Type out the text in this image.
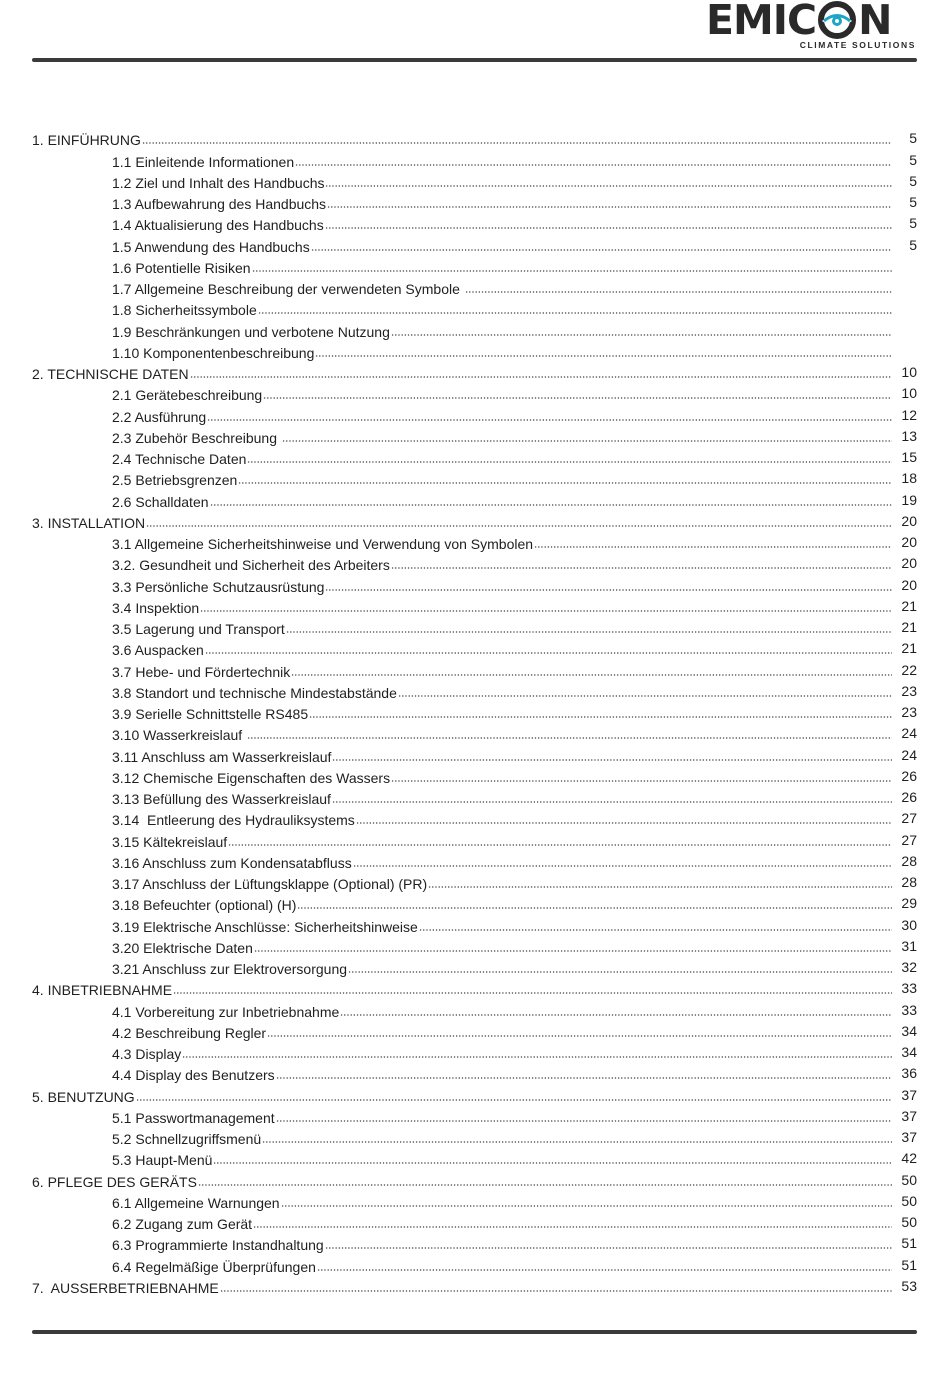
EMIC N
CLIMATE SOLUTIONS
1. EINFÜHRUNG	5
1.1 Einleitende Informationen	5
1.2 Ziel und Inhalt des Handbuchs	5
1.3 Aufbewahrung des Handbuchs	5
1.4 Aktualisierung des Handbuchs	5
1.5 Anwendung des Handbuchs	5
1.6 Potentielle Risiken
1.7 Allgemeine Beschreibung der verwendeten Symbole
1.8 Sicherheitssymbole
1.9 Beschränkungen und verbotene Nutzung
1.10 Komponentenbeschreibung
2. TECHNISCHE DATEN	10
2.1 Gerätebeschreibung	10
2.2 Ausführung	12
2.3 Zubehör Beschreibung	13
2.4 Technische Daten	15
2.5 Betriebsgrenzen	18
2.6 Schalldaten	19
3. INSTALLATION	20
3.1 Allgemeine Sicherheitshinweise und Verwendung von Symbolen	20
3.2. Gesundheit und Sicherheit des Arbeiters	20
3.3 Persönliche Schutzausrüstung	20
3.4 Inspektion	21
3.5 Lagerung und Transport	21
3.6 Auspacken	21
3.7 Hebe- und Fördertechnik	22
3.8 Standort und technische Mindestabstände	23
3.9 Serielle Schnittstelle RS485	23
3.10 Wasserkreislauf	24
3.11 Anschluss am Wasserkreislauf	24
3.12 Chemische Eigenschaften des Wassers	26
3.13 Befüllung des Wasserkreislauf	26
3.14  Entleerung des Hydrauliksystems	27
3.15 Kältekreislauf	27
3.16 Anschluss zum Kondensatabfluss	28
3.17 Anschluss der Lüftungsklappe (Optional) (PR)	28
3.18 Befeuchter (optional) (H)	29
3.19 Elektrische Anschlüsse: Sicherheitshinweise	30
3.20 Elektrische Daten	31
3.21 Anschluss zur Elektroversorgung	32
4. INBETRIEBNAHME	33
4.1 Vorbereitung zur Inbetriebnahme	33
4.2 Beschreibung Regler	34
4.3 Display	34
4.4 Display des Benutzers	36
5. BENUTZUNG	37
5.1 Passwortmanagement	37
5.2 Schnellzugriffsmenü	37
5.3 Haupt-Menü	42
6. PFLEGE DES GERÄTS	50
6.1 Allgemeine Warnungen	50
6.2 Zugang zum Gerät	50
6.3 Programmierte Instandhaltung	51
6.4 Regelmäßige Überprüfungen	51
7.  AUSSERBETRIEBNAHME	53
